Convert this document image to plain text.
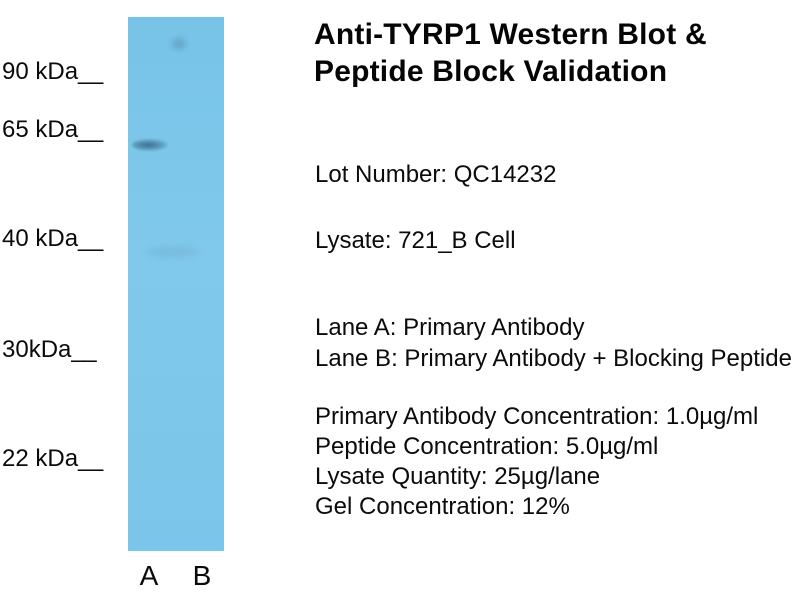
90 kDa__
65 kDa__
40 kDa__
30kDa__
22 kDa__
A B
Anti-TYRP1 Western Blot &
Peptide Block Validation
Lot Number: QC14232
Lysate: 721_B Cell
Lane A: Primary Antibody
Lane B: Primary Antibody + Blocking Peptide
Primary Antibody Concentration: 1.0µg/ml
Peptide Concentration: 5.0µg/ml
Lysate Quantity: 25µg/lane
Gel Concentration: 12%
